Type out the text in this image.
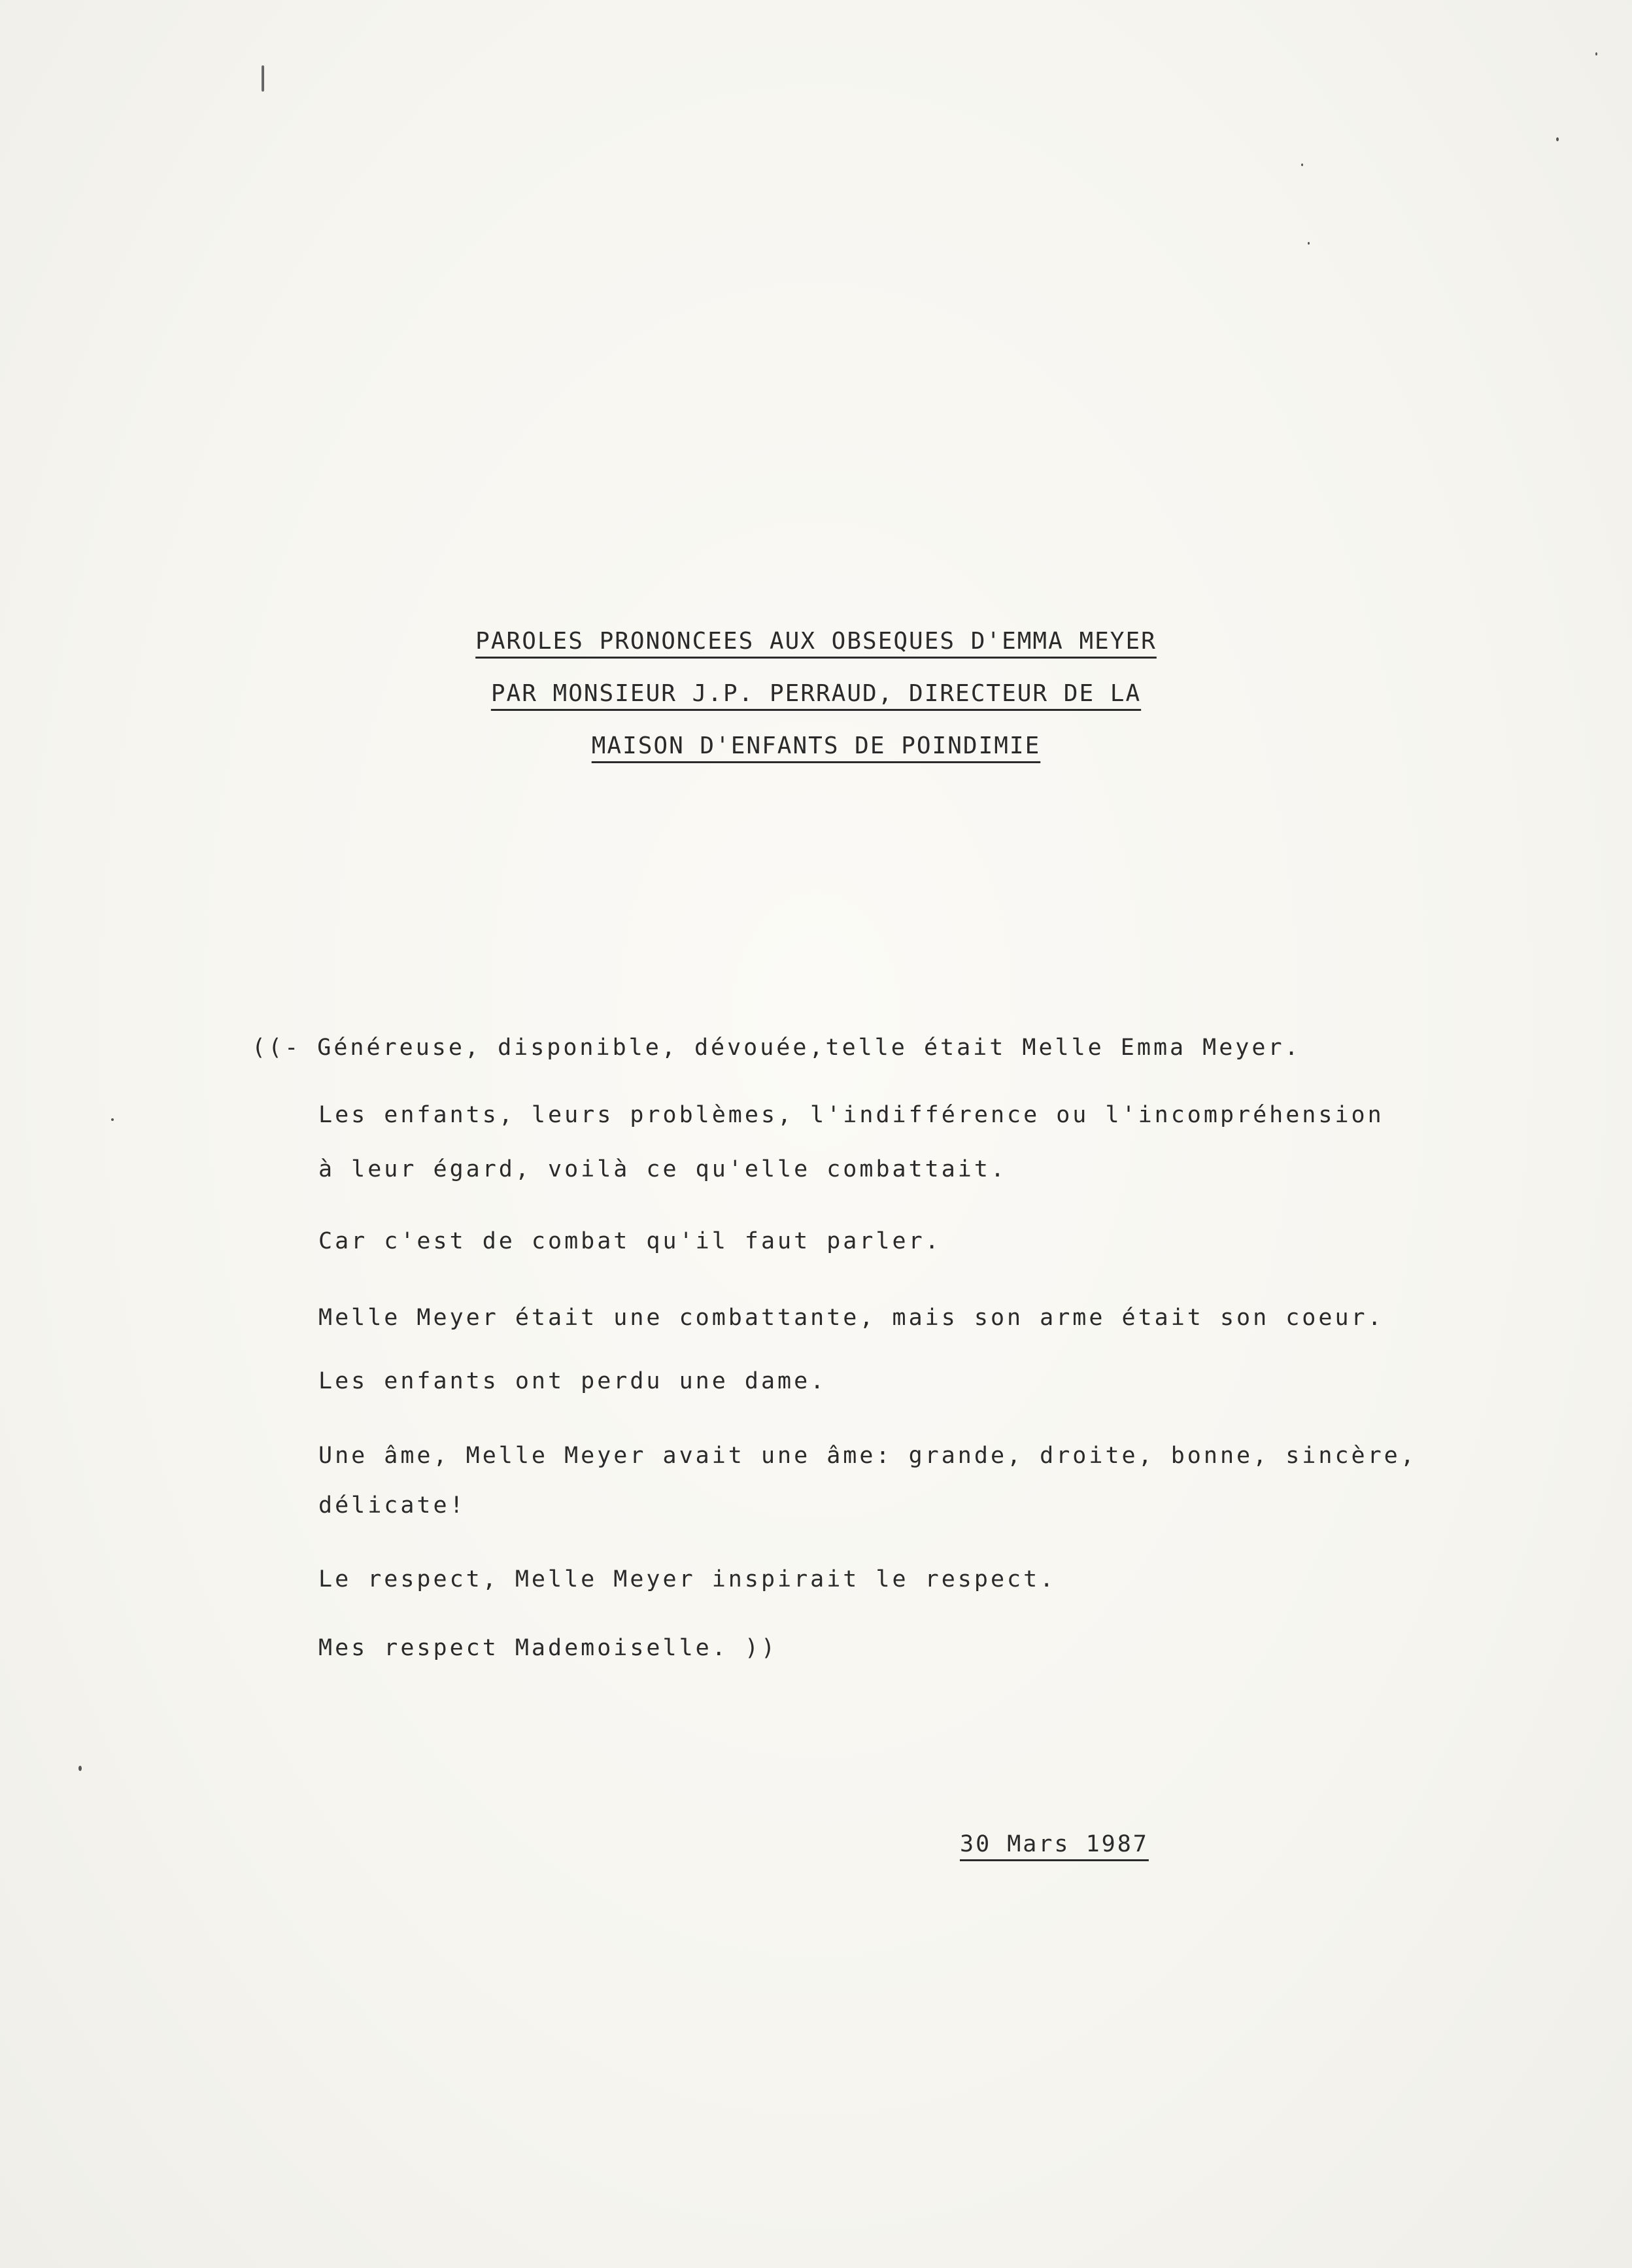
PAROLES PRONONCEES AUX OBSEQUES D'EMMA MEYER
PAR MONSIEUR J.P. PERRAUD, DIRECTEUR DE LA
MAISON D'ENFANTS DE POINDIMIE
((- Généreuse, disponible, dévouée,telle était Melle Emma Meyer.
Les enfants, leurs problèmes, l'indifférence ou l'incompréhension
à leur égard, voilà ce qu'elle combattait.
Car c'est de combat qu'il faut parler.
Melle Meyer était une combattante, mais son arme était son coeur.
Les enfants ont perdu une dame.
Une âme, Melle Meyer avait une âme: grande, droite, bonne, sincère,
délicate!
Le respect, Melle Meyer inspirait le respect.
Mes respect Mademoiselle. ))
30 Mars 1987
